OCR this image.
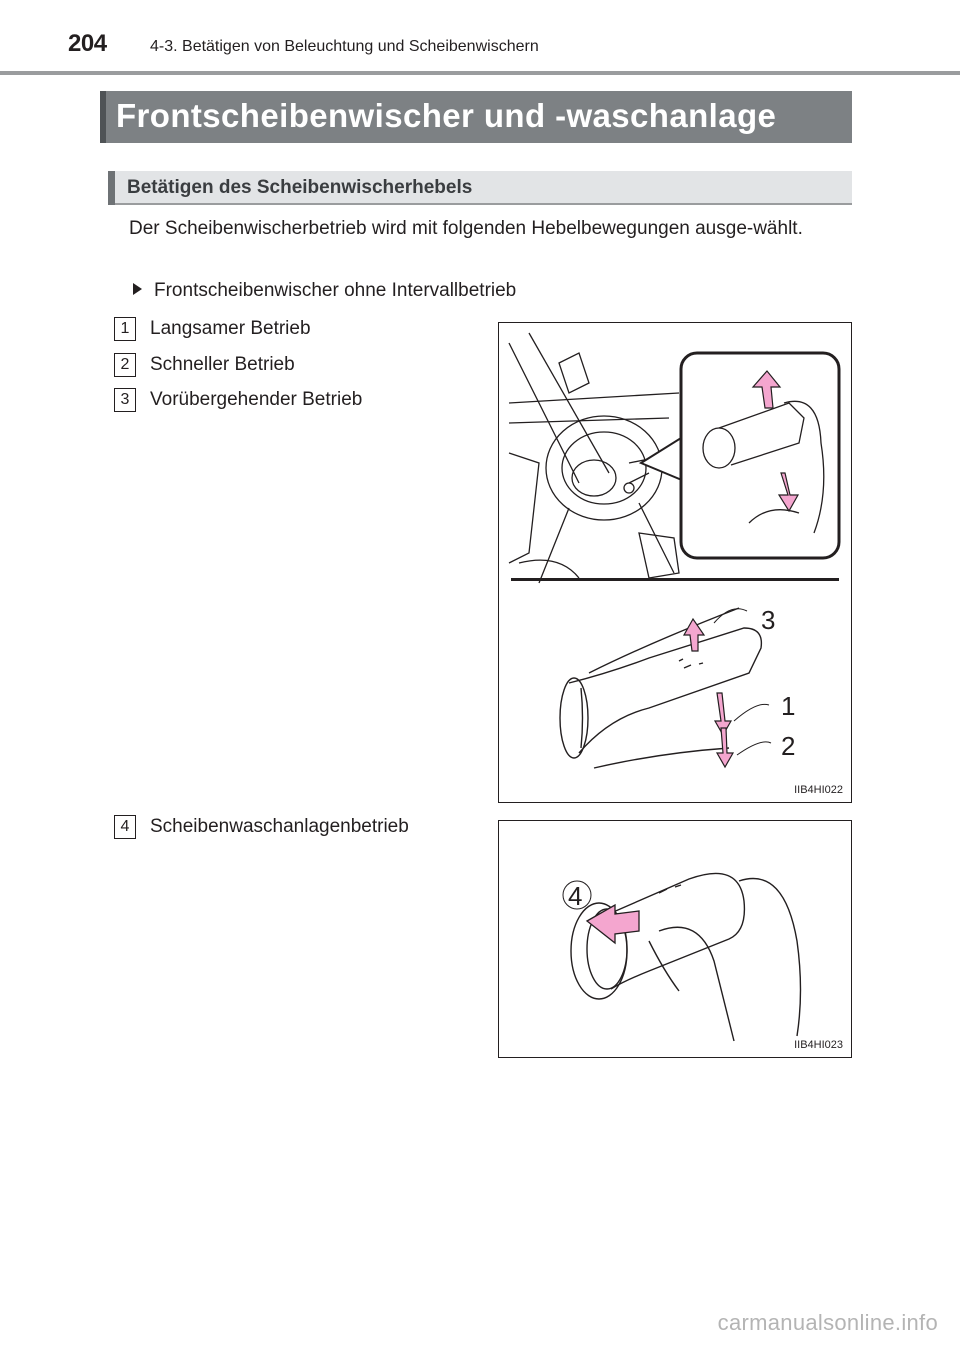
204	4-3. Betätigen von Beleuchtung und Scheibenwischern
Frontscheibenwischer und -waschanlage
Betätigen des Scheibenwischerhebels
Der Scheibenwischerbetrieb wird mit folgenden Hebelbewegungen ausge-wählt.
Frontscheibenwischer ohne Intervallbetrieb
1 Langsamer Betrieb
2 Schneller Betrieb
3 Vorübergehender Betrieb
4 Scheibenwaschanlagenbetrieb
3
1
2
IIB4HI022
4
IIB4HI023
carmanualsonline.info
